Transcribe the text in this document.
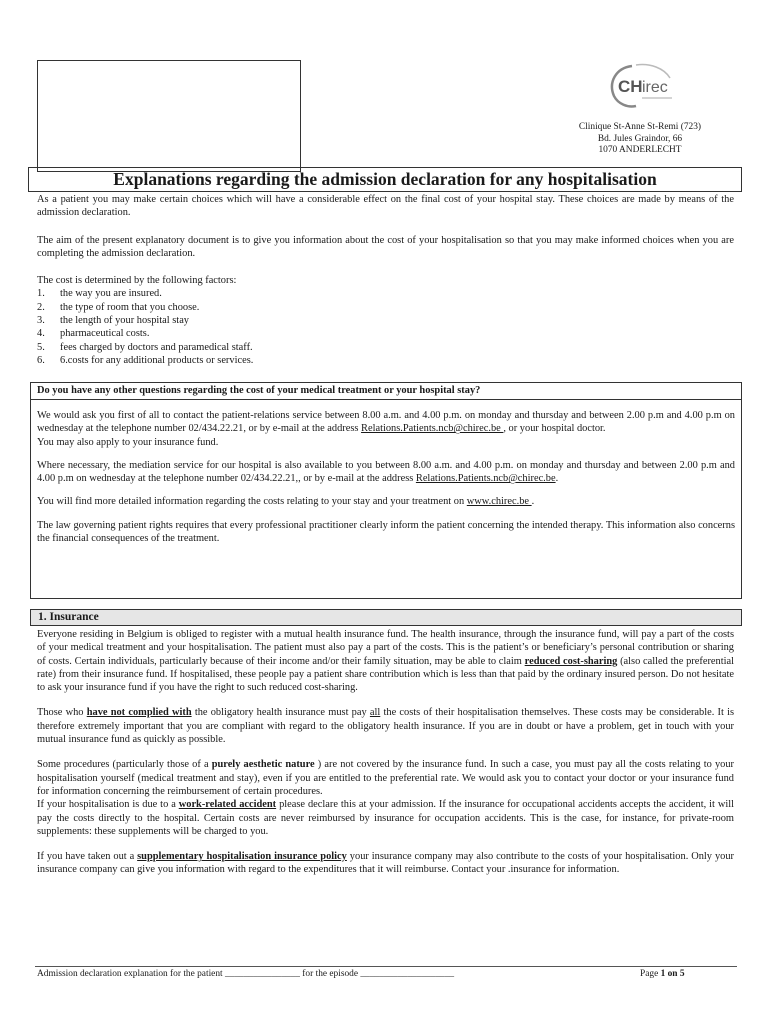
CH irec
Clinique St-Anne St-Remi (723)
Bd. Jules Graindor, 66
1070 ANDERLECHT
Explanations regarding the admission declaration for any hospitalisation

As a patient you may make certain choices which will have a considerable effect on the final cost of your hospital stay. These choices are made by means of the admission declaration.

The aim of the present explanatory document is to give you information about the cost of your hospitalisation so that you may make informed choices when you are completing the admission declaration.

The cost is determined by the following factors:

1. the way you are insured.
2. the type of room that you choose.
3. the length of your hospital stay
4. pharmaceutical costs.
5. fees charged by doctors and paramedical staff.
6. 6.costs for any additional products or services.
Do you have any other questions regarding the cost of your medical treatment or your hospital stay?

We would ask you first of all to contact the patient-relations service between 8.00 a.m. and 4.00 p.m. on monday and thursday and between 2.00 p.m and 4.00 p.m on wednesday at the telephone number 02/434.22.21, or by e-mail at the address Relations.Patients.ncb@chirec.be , or your hospital doctor.
You may also apply to your insurance fund.

Where necessary, the mediation service for our hospital is also available to you between 8.00 a.m. and 4.00 p.m. on monday and thursday and between 2.00 p.m and 4.00 p.m on wednesday at the telephone number 02/434.22.21,, or by e-mail at the address Relations.Patients.ncb@chirec.be.

You will find more detailed information regarding the costs relating to your stay and your treatment on www.chirec.be .

The law governing patient rights requires that every professional practitioner clearly inform the patient concerning the intended therapy. This information also concerns the financial consequences of the treatment.

1. Insurance

Everyone residing in Belgium is obliged to register with a mutual health insurance fund. The health insurance, through the insurance fund, will pay a part of the costs of your medical treatment and your hospitalisation. The patient must also pay a part of the costs. This is the patient’s or beneficiary’s personal contribution or sharing of costs. Certain individuals, particularly because of their income and/or their family situation, may be able to claim reduced cost-sharing (also called the preferential rate) from their insurance fund. If hospitalised, these people pay a patient share contribution which is less than that paid by the ordinary insured person. Do not hesitate to ask your insurance fund if you have the right to such reduced cost-sharing.

Those who have not complied with the obligatory health insurance must pay all the costs of their hospitalisation themselves. These costs may be considerable. It is therefore extremely important that you are compliant with regard to the obligatory health insurance. If you are in doubt or have a problem, get in touch with your mutual insurance fund as quickly as possible.

Some procedures (particularly those of a purely aesthetic nature ) are not covered by the insurance fund. In such a case, you must pay all the costs relating to your hospitalisation yourself (medical treatment and stay), even if you are entitled to the preferential rate. We would ask you to contact your doctor or your insurance fund for information concerning the reimbursement of certain procedures.
If your hospitalisation is due to a work-related accident please declare this at your admission. If the insurance for occupational accidents accepts the accident, it will pay the costs directly to the hospital. Certain costs are never reimbursed by insurance for occupation accidents. This is the case, for instance, for private-room supplements: these supplements will be charged to you.

If you have taken out a supplementary hospitalisation insurance policy your insurance company may also contribute to the costs of your hospitalisation. Only your insurance company can give you information with regard to the expenditures that it will reimburse. Contact your .insurance for information.

Admission declaration explanation for the patient ________________ for the episode ____________________	Page 1 on 5
